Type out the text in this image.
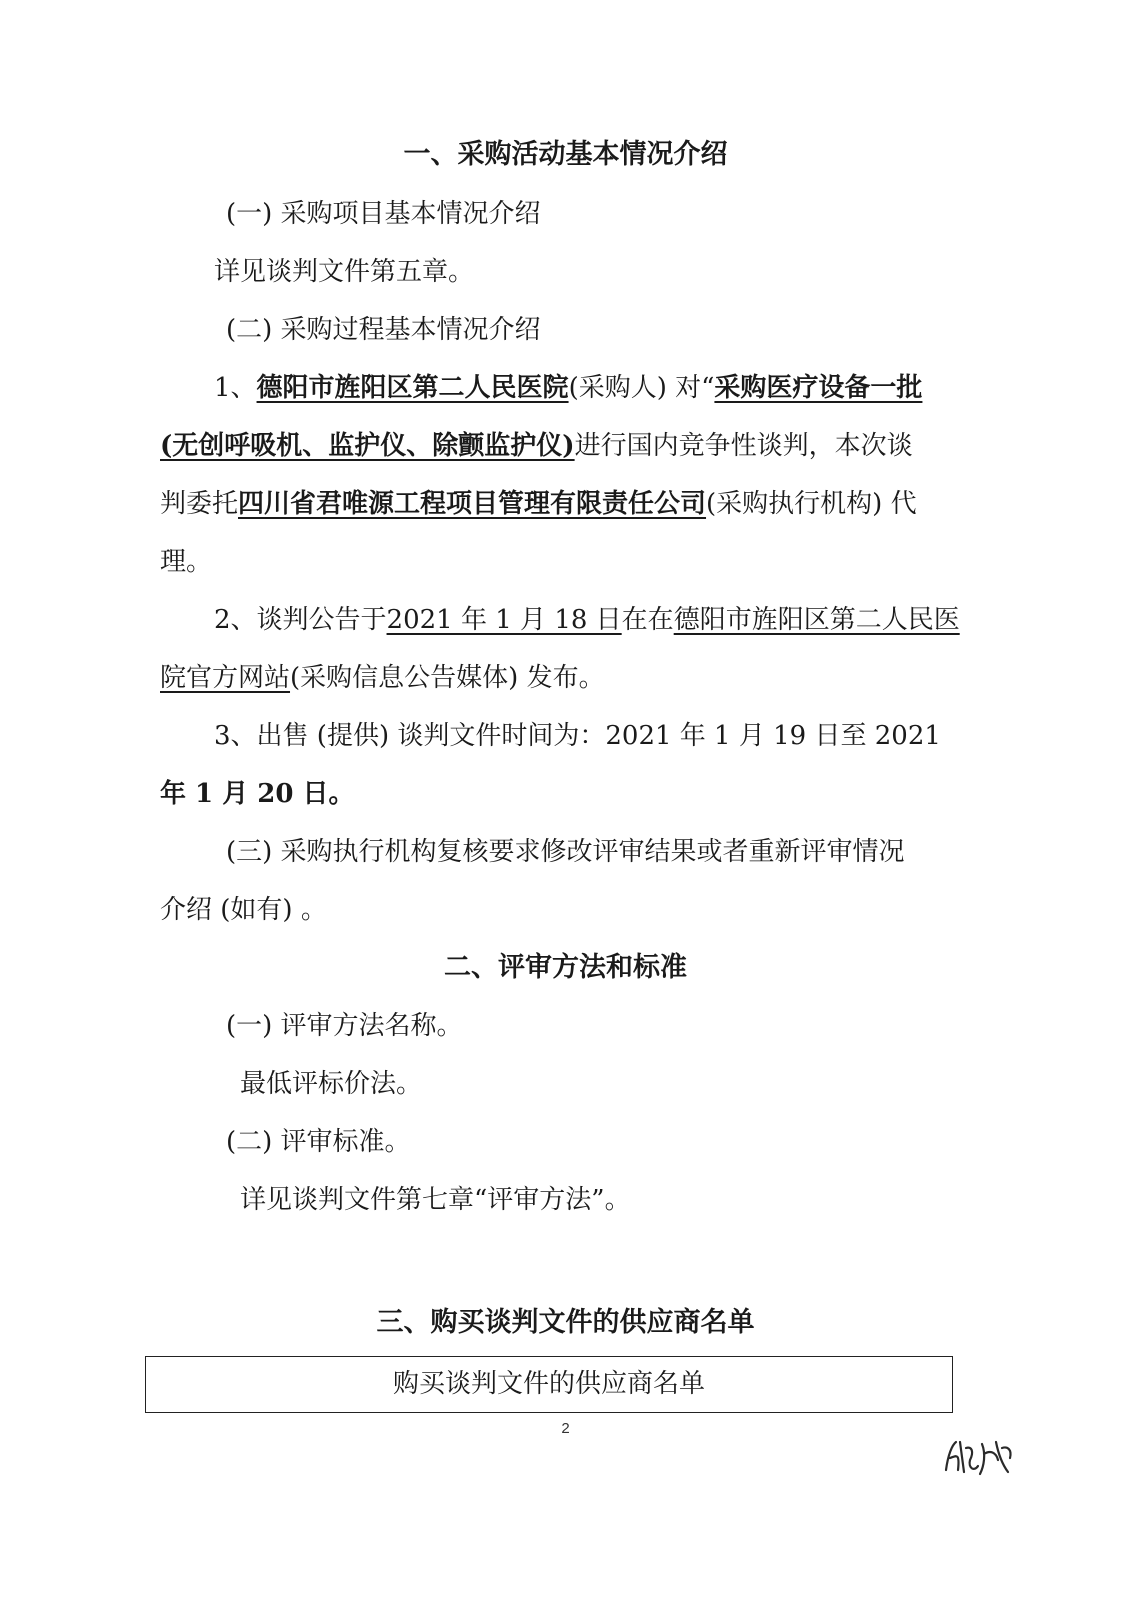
一、采购活动基本情况介绍
(一) 采购项目基本情况介绍
详见谈判文件第五章。
(二) 采购过程基本情况介绍
1、德阳市旌阳区第二人民医院(采购人) 对“采购医疗设备一批
(无创呼吸机、监护仪、除颤监护仪)进行国内竞争性谈判，本次谈
判委托四川省君唯源工程项目管理有限责任公司(采购执行机构) 代
理。
2、谈判公告于2021 年 1 月 18 日在在德阳市旌阳区第二人民医
院官方网站(采购信息公告媒体) 发布。
3、出售 (提供) 谈判文件时间为：2021 年 1 月 19 日至 2021
年 1 月 20 日。
(三) 采购执行机构复核要求修改评审结果或者重新评审情况
介绍 (如有) 。
二、评审方法和标准
(一) 评审方法名称。
最低评标价法。
(二) 评审标准。
详见谈判文件第七章“评审方法”。
三、购买谈判文件的供应商名单
购买谈判文件的供应商名单
2
